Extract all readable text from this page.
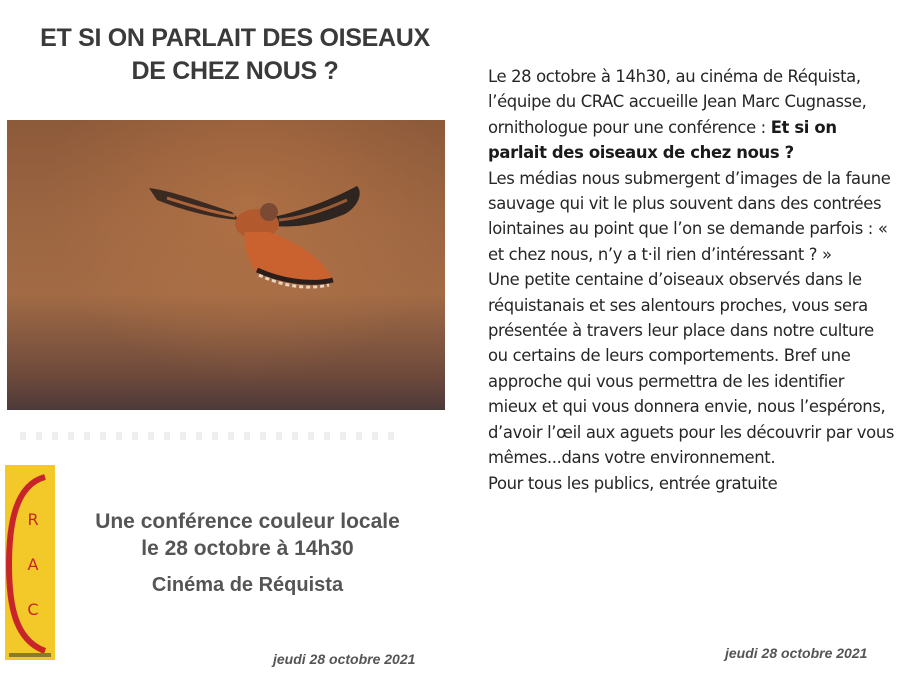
ET SI ON PARLAIT DES OISEAUX
DE CHEZ NOUS ?
R
A
C
Une conférence couleur locale
le 28 octobre à 14h30
Cinéma de Réquista
jeudi 28 octobre 2021	jeudi 28 octobre 2021

Le 28 octobre à 14h30, au cinéma de Réquista, l’équipe du CRAC accueille Jean Marc Cugnasse, ornithologue pour une conférence : Et si on parlait des oiseaux de chez nous ?

Les médias nous submergent d’images de la faune sauvage qui vit le plus souvent dans des contrées lointaines au point que l’on se demande parfois : « et chez nous, n’y a t·il rien d’intéressant ? »

Une petite centaine d’oiseaux observés dans le réquistanais et ses alentours proches, vous sera présentée à travers leur place dans notre culture ou certains de leurs comportements. Bref une approche qui vous permettra de les identifier mieux et qui vous donnera envie, nous l’espérons, d’avoir l’œil aux aguets pour les découvrir par vous mêmes...dans votre environnement.

Pour tous les publics, entrée gratuite
